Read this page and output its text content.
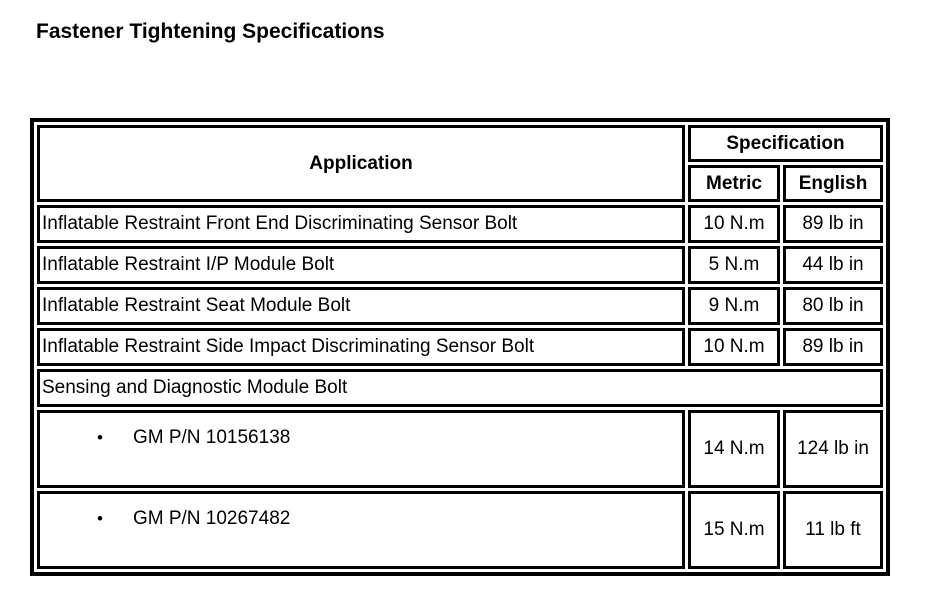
Fastener Tightening Specifications
Application	Specification	
	Metric	English
Inflatable Restraint Front End Discriminating Sensor Bolt	10 N.m	89 lb in
Inflatable Restraint I/P Module Bolt	5 N.m	44 lb in
Inflatable Restraint Seat Module Bolt	9 N.m	80 lb in
Inflatable Restraint Side Impact Discriminating Sensor Bolt	10 N.m	89 lb in
Sensing and Diagnostic Module Bolt		
• GM P/N 10156138	14 N.m	124 lb in
• GM P/N 10267482	15 N.m	11 lb ft
